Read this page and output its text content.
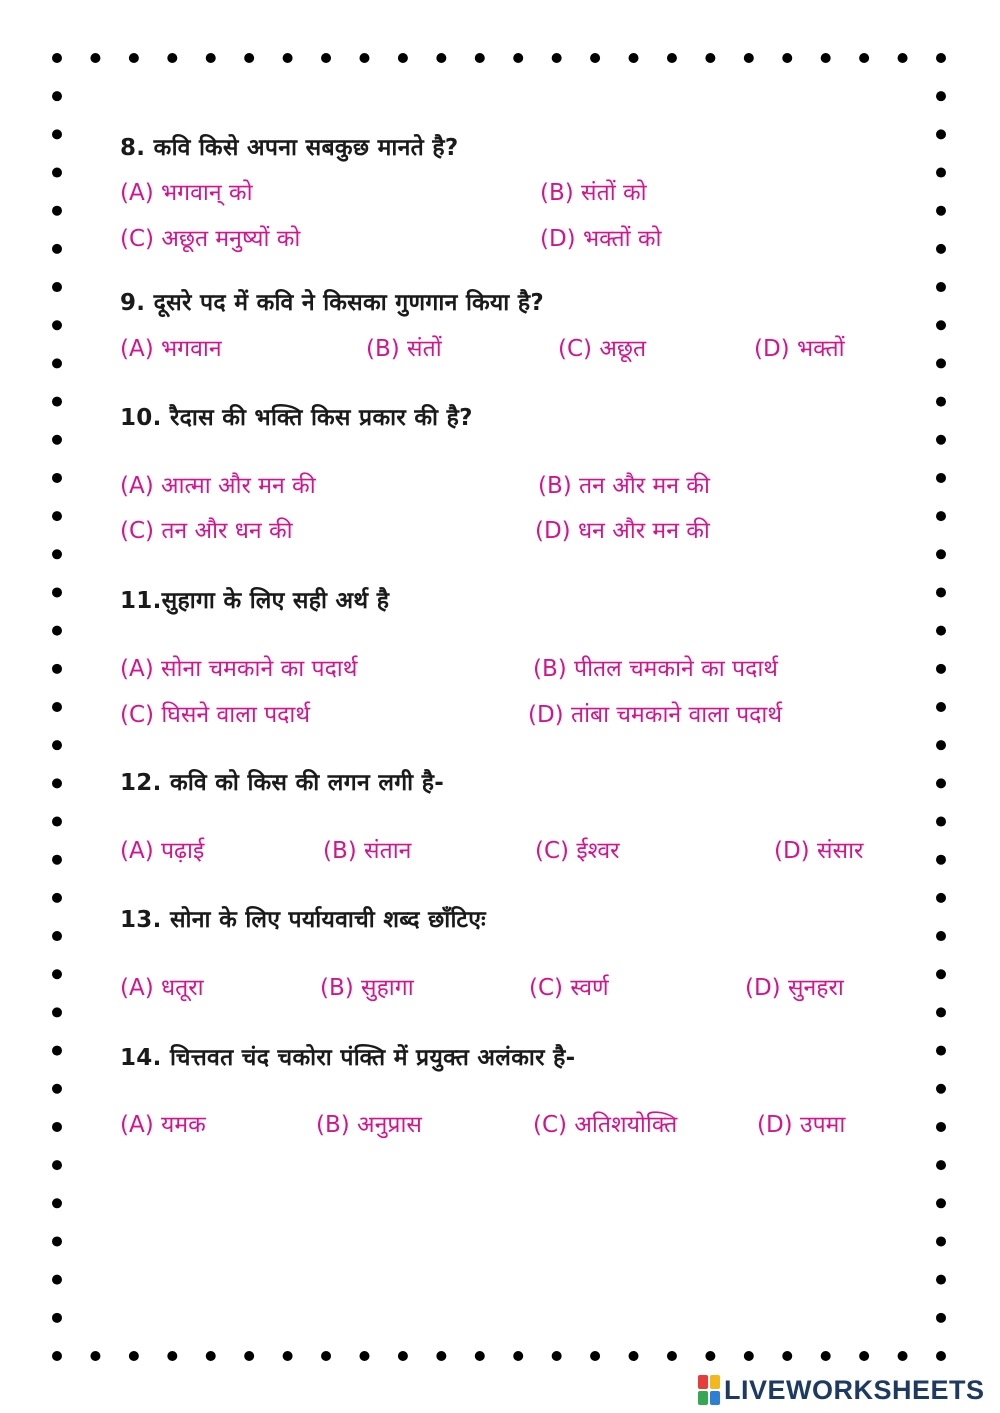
8. कवि किसे अपना सबकुछ मानते है?
(A) भगवान् को	(B) संतों को
(C) अछूत मनुष्यों को	(D) भक्तों को
9. दूसरे पद में कवि ने किसका गुणगान किया है?
(A) भगवान	(B) संतों	(C) अछूत	(D) भक्तों
10. रैदास की भक्ति किस प्रकार की है?
(A) आत्मा और मन की	(B) तन और मन की
(C) तन और धन की	(D) धन और मन की
11.सुहागा के लिए सही अर्थ है
(A) सोना चमकाने का पदार्थ	(B) पीतल चमकाने का पदार्थ
(C) घिसने वाला पदार्थ	(D) तांबा चमकाने वाला पदार्थ
12. कवि को किस की लगन लगी है-
(A) पढ़ाई	(B) संतान	(C) ईश्वर	(D) संसार
13. सोना के लिए पर्यायवाची शब्द छाँटिएः
(A) धतूरा	(B) सुहागा	(C) स्वर्ण	(D) सुनहरा
14. चित्तवत चंद चकोरा पंक्ति में प्रयुक्त अलंकार है-
(A) यमक	(B) अनुप्रास	(C) अतिशयोक्ति	(D) उपमा
LIVEWORKSHEETS
